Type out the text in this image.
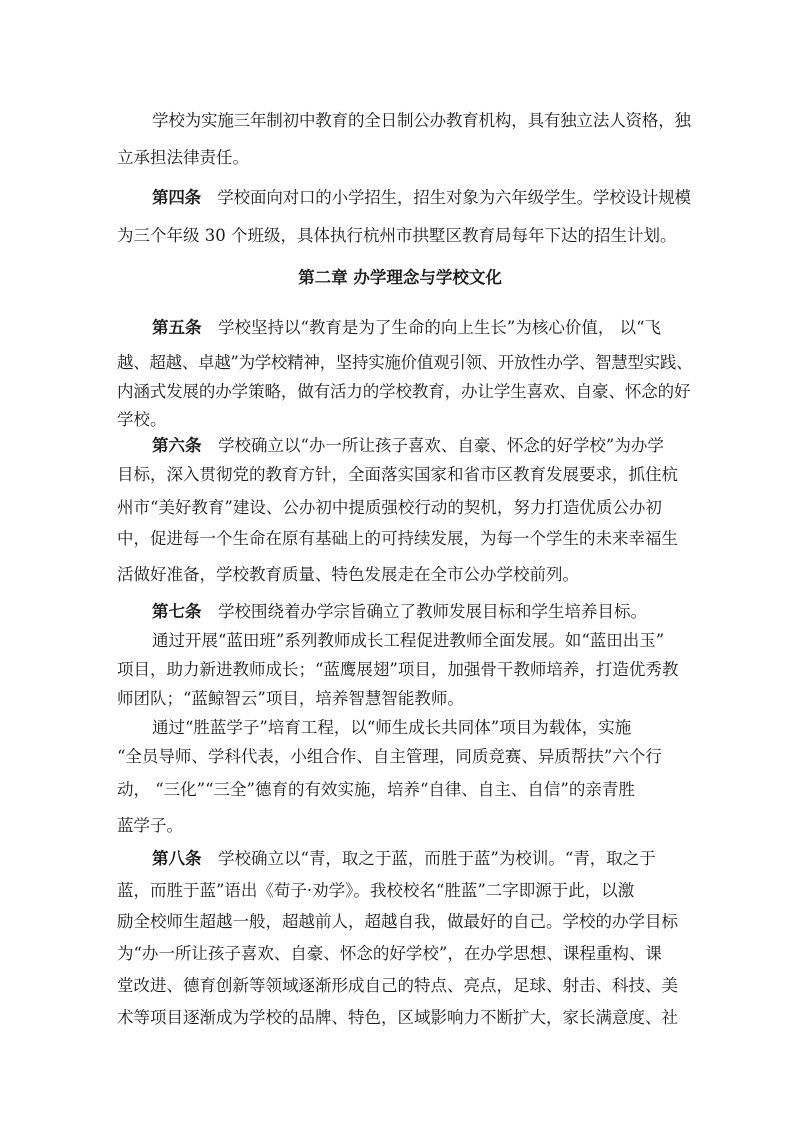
学校为实施三年制初中教育的全日制公办教育机构，具有独立法人资格，独
立承担法律责任。
第四条　学校面向对口的小学招生，招生对象为六年级学生。学校设计规模
为三个年级 30 个班级，具体执行杭州市拱墅区教育局每年下达的招生计划。
第二章 办学理念与学校文化
第五条　学校坚持以“教育是为了生命的向上生长”为核心价值， 以“飞
越、超越、卓越”为学校精神，坚持实施价值观引领、开放性办学、智慧型实践、
内涵式发展的办学策略，做有活力的学校教育，办让学生喜欢、自豪、怀念的好
学校。
第六条　学校确立以“办一所让孩子喜欢、自豪、怀念的好学校”为办学
目标，深入贯彻党的教育方针，全面落实国家和省市区教育发展要求，抓住杭
州市“美好教育”建设、公办初中提质强校行动的契机，努力打造优质公办初
中，促进每一个生命在原有基础上的可持续发展，为每一个学生的未来幸福生
活做好准备，学校教育质量、特色发展走在全市公办学校前列。
第七条　学校围绕着办学宗旨确立了教师发展目标和学生培养目标。
通过开展“蓝田班”系列教师成长工程促进教师全面发展。如“蓝田出玉”
项目，助力新进教师成长；“蓝鹰展翅”项目，加强骨干教师培养，打造优秀教
师团队；“蓝鲸智云”项目，培养智慧智能教师。
通过“胜蓝学子”培育工程，以“师生成长共同体”项目为载体，实施
“全员导师、学科代表，小组合作、自主管理，同质竞赛、异质帮扶”六个行
动， “三化”“三全”德育的有效实施，培养“自律、自主、自信”的亲青胜
蓝学子。
第八条　学校确立以“青，取之于蓝，而胜于蓝”为校训。“青，取之于
蓝，而胜于蓝”语出《荀子·劝学》。我校校名“胜蓝”二字即源于此，以激
励全校师生超越一般，超越前人，超越自我，做最好的自己。学校的办学目标
为“办一所让孩子喜欢、自豪、怀念的好学校”，在办学思想、课程重构、课
堂改进、德育创新等领域逐渐形成自己的特点、亮点，足球、射击、科技、美
术等项目逐渐成为学校的品牌、特色，区域影响力不断扩大，家长满意度、社
